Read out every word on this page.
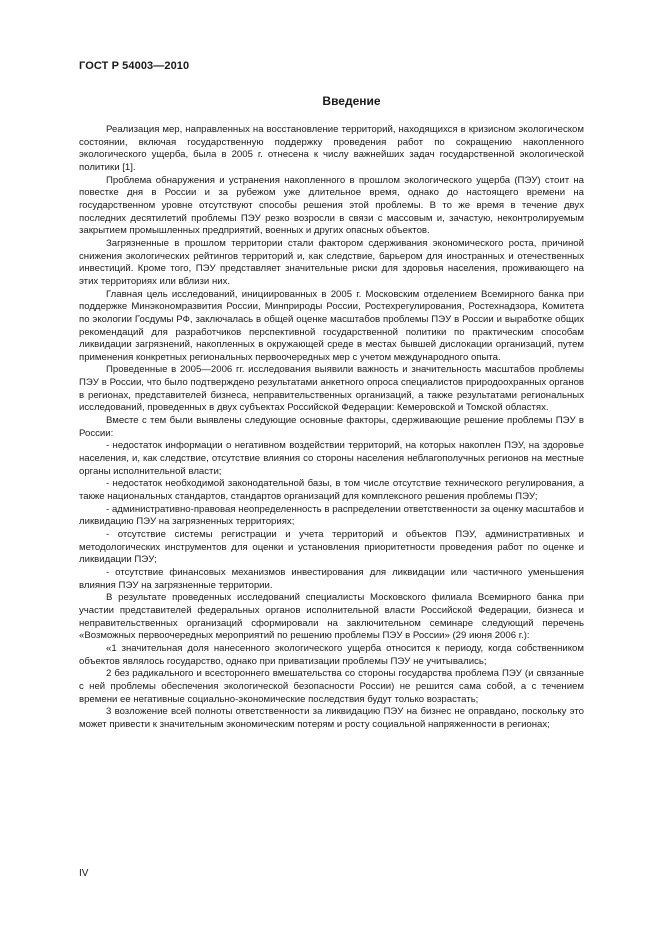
ГОСТ Р 54003—2010
Введение

Реализация мер, направленных на восстановление территорий, находящихся в кризисном экологическом состоянии, включая государственную поддержку проведения работ по сокращению накопленного экологического ущерба, была в 2005 г. отнесена к числу важнейших задач государственной экологической политики [1].

Проблема обнаружения и устранения накопленного в прошлом экологического ущерба (ПЭУ) стоит на повестке дня в России и за рубежом уже длительное время, однако до настоящего времени на государственном уровне отсутствуют способы решения этой проблемы. В то же время в течение двух последних десятилетий проблемы ПЭУ резко возросли в связи с массовым и, зачастую, неконтролируемым закрытием промышленных предприятий, военных и других опасных объектов.

Загрязненные в прошлом территории стали фактором сдерживания экономического роста, причиной снижения экологических рейтингов территорий и, как следствие, барьером для иностранных и отечественных инвестиций. Кроме того, ПЭУ представляет значительные риски для здоровья населения, проживающего на этих территориях или вблизи них.

Главная цель исследований, инициированных в 2005 г. Московским отделением Всемирного банка при поддержке Минэкономразвития России, Минприроды России, Ростехрегулирования, Ростехнадзора, Комитета по экологии Госдумы РФ, заключалась в общей оценке масштабов проблемы ПЭУ в России и выработке общих рекомендаций для разработчиков перспективной государственной политики по практическим способам ликвидации загрязнений, накопленных в окружающей среде в местах бывшей дислокации организаций, путем применения конкретных региональных первоочередных мер с учетом международного опыта.

Проведенные в 2005—2006 гг. исследования выявили важность и значительность масштабов проблемы ПЭУ в России, что было подтверждено результатами анкетного опроса специалистов природоохранных органов в регионах, представителей бизнеса, неправительственных организаций, а также результатами региональных исследований, проведенных в двух субъектах Российской Федерации: Кемеровской и Томской областях.

Вместе с тем были выявлены следующие основные факторы, сдерживающие решение проблемы ПЭУ в России:

- недостаток информации о негативном воздействии территорий, на которых накоплен ПЭУ, на здоровье населения, и, как следствие, отсутствие влияния со стороны населения неблагополучных регионов на местные органы исполнительной власти;

- недостаток необходимой законодательной базы, в том числе отсутствие технического регулирования, а также национальных стандартов, стандартов организаций для комплексного решения проблемы ПЭУ;

- административно-правовая неопределенность в распределении ответственности за оценку масштабов и ликвидацию ПЭУ на загрязненных территориях;

- отсутствие системы регистрации и учета территорий и объектов ПЭУ, административных и методологических инструментов для оценки и установления приоритетности проведения работ по оценке и ликвидации ПЭУ;

- отсутствие финансовых механизмов инвестирования для ликвидации или частичного уменьшения влияния ПЭУ на загрязненные территории.

В результате проведенных исследований специалисты Московского филиала Всемирного банка при участии представителей федеральных органов исполнительной власти Российской Федерации, бизнеса и неправительственных организаций сформировали на заключительном семинаре следующий перечень «Возможных первоочередных мероприятий по решению проблемы ПЭУ в России» (29 июня 2006 г.):

«1 значительная доля нанесенного экологического ущерба относится к периоду, когда собственником объектов являлось государство, однако при приватизации проблемы ПЭУ не учитывались;

2 без радикального и всестороннего вмешательства со стороны государства проблема ПЭУ (и связанные с ней проблемы обеспечения экологической безопасности России) не решится сама собой, а с течением времени ее негативные социально-экономические последствия будут только возрастать;

3 возложение всей полноты ответственности за ликвидацию ПЭУ на бизнес не оправдано, поскольку это может привести к значительным экономическим потерям и росту социальной напряженности в регионах;

IV
